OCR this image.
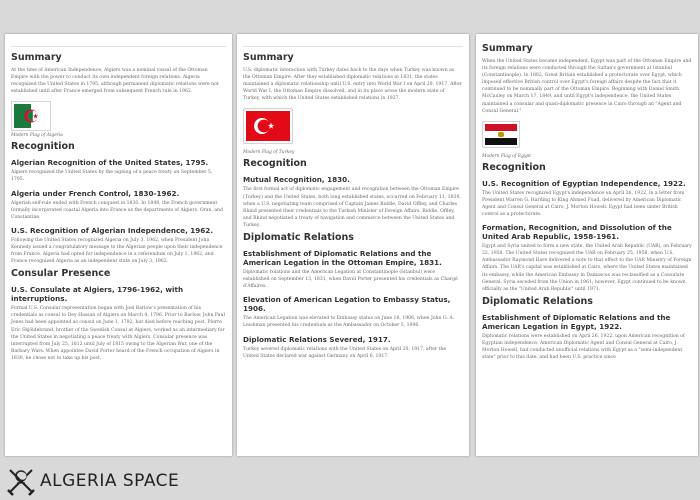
Summary

At the time of American Independence, Algiers was a nominal vassal of the Ottoman Empire with the power to conduct its own independent foreign relations. Algeria recognized the United States in 1795, although permanent diplomatic relations were not established until after France emerged from subsequent French rule in 1962.

Modern Flag of Algeria
Recognition
Algerian Recognition of the United States, 1795.

Algiers recognized the United States by the signing of a peace treaty on September 5, 1795.

Algeria under French Control, 1830-1962.

Algerian self-rule ended with French conquest in 1830. In 1848, the French government formally incorporated coastal Algeria into France as the departments of Algiers, Oran, and Constantine.

U.S. Recognition of Algerian Independence, 1962.

Following the United States recognized Algeria on July 3, 1962, when President John Kennedy issued a congratulatory message to the Algerian people upon their independence from France. Algeria had opted for independence in a referendum on July 1, 1962, and France recognized Algeria as an independent state on July 3, 1962.

Consular Presence
U.S. Consulate at Algiers, 1796-1962, with interruptions.

Formal U.S. Consular representation began with Joel Barlow's presentation of his credentials as consul to Dey Hassan of Algiers on March 4, 1796. Prior to Barlow, John Paul Jones had been appointed as consul on June 1, 1792, but died before reaching post. Pierre Eric Skjöldebrand, brother of the Swedish Consul at Algiers, worked as an intermediary for the United States in negotiating a peace treaty with Algiers. Consular presence was interrupted from July 25, 1812 until July of 1815 owing to the Algerian War, one of the Barbary Wars. When appointee David Porter heard of the French occupation of Algiers in 1830, he chose not to take up his post,

Summary

U.S. diplomatic interaction with Turkey dates back to the days when Turkey was known as the Ottoman Empire. After they established diplomatic relations in 1831, the states maintained a diplomatic relationship until U.S. entry into World War I on April 20, 1917. After World War I, the Ottoman Empire dissolved, and in its place arose the modern state of Turkey, with which the United States established relations in 1927.

Modern Flag of Turkey
Recognition
Mutual Recognition, 1830.

The first formal act of diplomatic engagement and recognition between the Ottoman Empire (Turkey) and the United States, both long established states, occurred on February 11, 1830, when a U.S. negotiating team comprised of Captain James Biddle, David Offley, and Charles Rhind presented their credentials to the Turkish Minister of Foreign Affairs. Biddle, Offley, and Rhind negotiated a treaty of navigation and commerce between the United States and Turkey.

Diplomatic Relations
Establishment of Diplomatic Relations and the American Legation in the Ottoman Empire, 1831.

Diplomatic relations and the American Legation at Constantinople (Istanbul) were established on September 13, 1831, when David Porter presented his credentials as Chargé d'Affaires.

Elevation of American Legation to Embassy Status, 1906.

The American Legation was elevated to Embassy status on June 16, 1906, when John G. A. Leishman presented his credentials as the Ambassador on October 5, 1906.

Diplomatic Relations Severed, 1917.

Turkey severed diplomatic relations with the United States on April 20, 1917, after the United States declared war against Germany on April 6, 1917.

Summary

When the United States became independent, Egypt was part of the Ottoman Empire and its foreign relations were conducted through the Sultan's government at Istanbul (Constantinople). In 1882, Great Britain established a protectorate over Egypt, which imposed effective British control over Egypt's foreign affairs despite the fact that it continued to be nominally part of the Ottoman Empire. Beginning with Daniel Smith McCauley on March 17, 1849, and until Egypt's independence, the United States maintained a consular and quasi-diplomatic presence in Cairo through an "Agent and Consul General."

Modern Flag of Egypt
Recognition
U.S. Recognition of Egyptian Independence, 1922.

The United States recognized Egypt's independence on April 26, 1922, in a letter from President Warren G. Harding to King Ahmed Fuad, delivered by American Diplomatic Agent and Consul General at Cairo, J. Morton Howell. Egypt had been under British control as a protectorate.

Formation, Recognition, and Dissolution of the United Arab Republic, 1958-1961.

Egypt and Syria united to form a new state, the United Arab Republic (UAR), on February 22, 1958. The United States recognized the UAR on February 25, 1958, when U.S. Ambassador Raymond Hare delivered a note to that effect to the UAR Ministry of Foreign Affairs. The UAR's capital was established at Cairo, where the United States maintained its embassy, while the American Embassy in Damascus was reclassified as a Consulate General. Syria seceded from the Union in 1961; however, Egypt continued to be known officially as the "United Arab Republic" until 1971.

Diplomatic Relations
Establishment of Diplomatic Relations and the American Legation in Egypt, 1922.

Diplomatic relations were established on April 26, 1922, upon American recognition of Egyptian independence. American Diplomatic Agent and Consul General at Cairo, J. Morton Howell, had conducted unofficial relations with Egypt as a "semi-independent state" prior to this date, and had been U.S. practice since

ALGERIA SPACE
